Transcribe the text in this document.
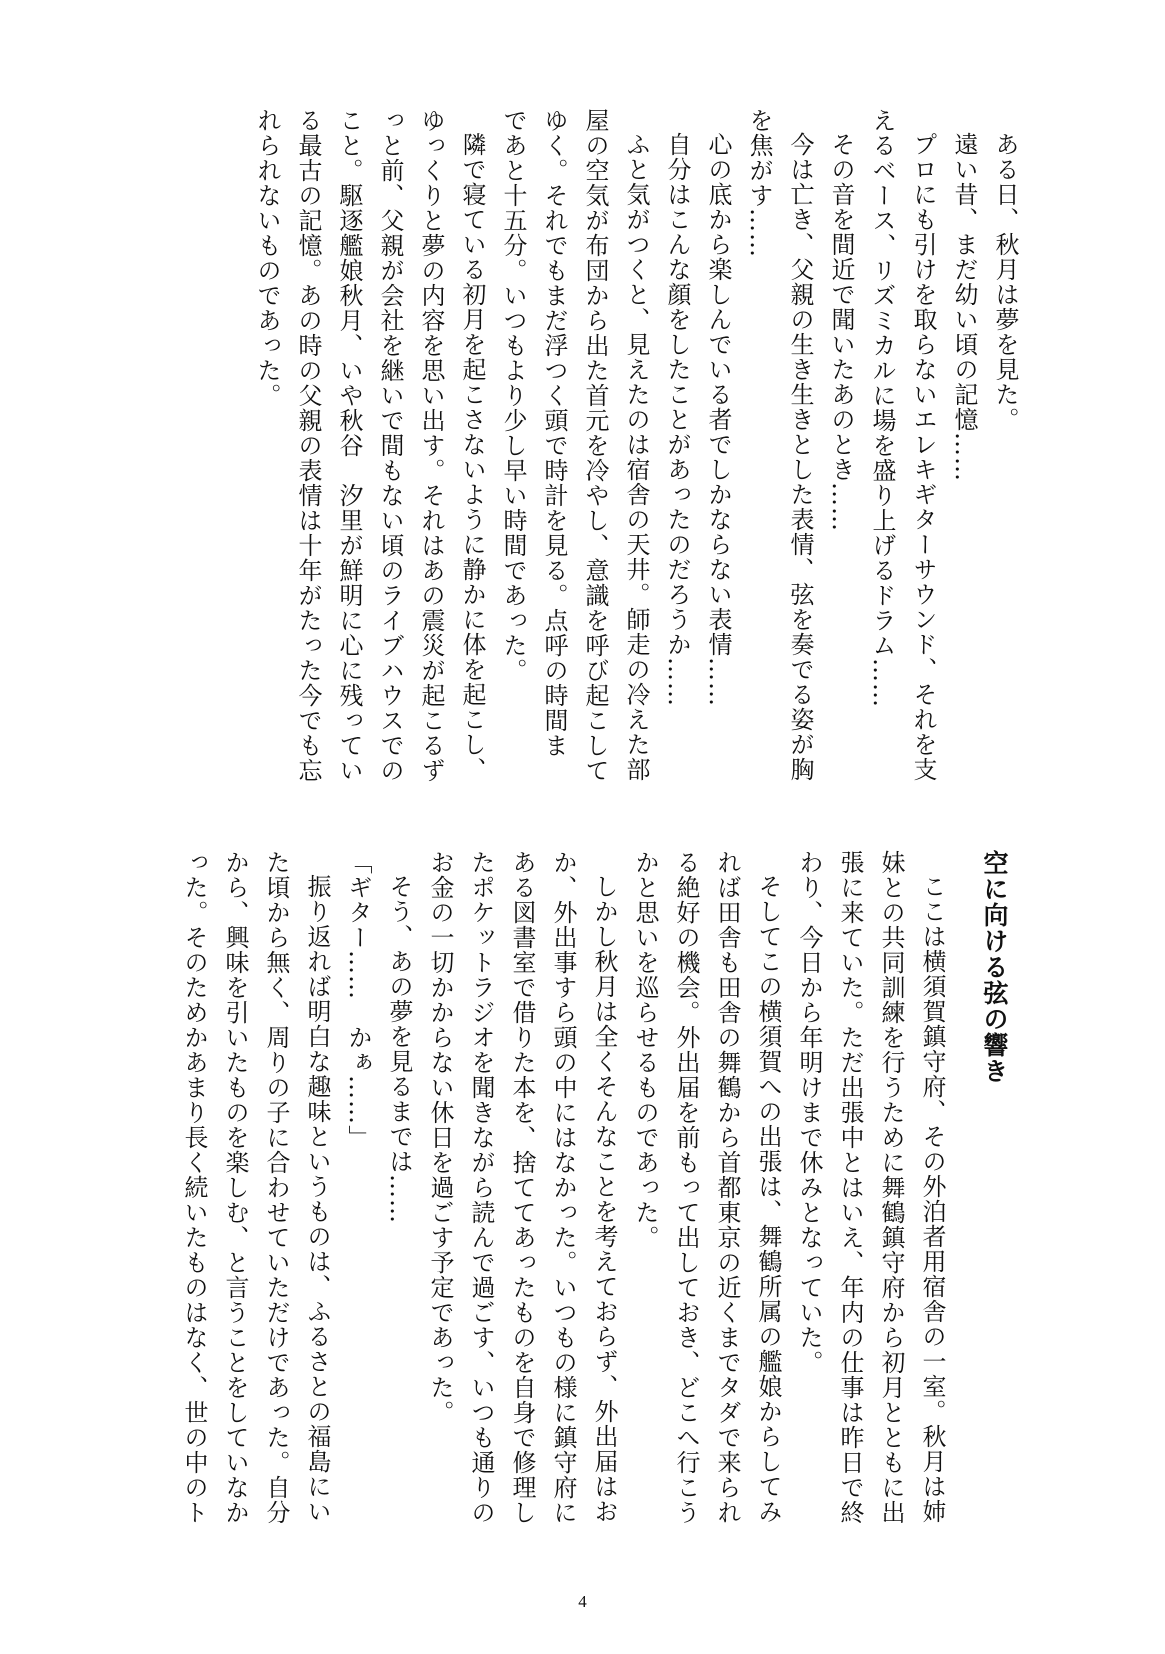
ある日、秋月は夢を見た。

遠い昔、まだ幼い頃の記憶……

プロにも引けを取らないエレキギターサウンド、それを支
えるベース、リズミカルに場を盛り上げるドラム……

その音を間近で聞いたあのとき……

今は亡き、父親の生き生きとした表情、弦を奏でる姿が胸
を焦がす……

心の底から楽しんでいる者でしかならない表情……

自分はこんな顔をしたことがあったのだろうか……

ふと気がつくと、見えたのは宿舎の天井。師走の冷えた部
屋の空気が布団から出た首元を冷やし、意識を呼び起こして
ゆく。それでもまだ浮つく頭で時計を見る。点呼の時間ま
であと十五分。いつもより少し早い時間であった。

隣で寝ている初月を起こさないように静かに体を起こし、
ゆっくりと夢の内容を思い出す。それはあの震災が起こるず
っと前、父親が会社を継いで間もない頃のライブハウスでの
こと。駆逐艦娘秋月、いや秋谷　汐里が鮮明に心に残ってい
る最古の記憶。あの時の父親の表情は十年がたった今でも忘
れられないものであった。

空に向ける弦の響き

ここは横須賀鎮守府、その外泊者用宿舎の一室。秋月は姉
妹との共同訓練を行うために舞鶴鎮守府から初月とともに出
張に来ていた。ただ出張中とはいえ、年内の仕事は昨日で終
わり、今日から年明けまで休みとなっていた。

そしてこの横須賀への出張は、舞鶴所属の艦娘からしてみ
れば田舎も田舎の舞鶴から首都東京の近くまでタダで来られ
る絶好の機会。外出届を前もって出しておき、どこへ行こう
かと思いを巡らせるものであった。

しかし秋月は全くそんなことを考えておらず、外出届はお
か、外出事すら頭の中にはなかった。いつもの様に鎮守府に
ある図書室で借りた本を、捨ててあったものを自身で修理し
たポケットラジオを聞きながら読んで過ごす、いつも通りの
お金の一切かからない休日を過ごす予定であった。

そう、あの夢を見るまでは……

「ギター……　かぁ……」

振り返れば明白な趣味というものは、ふるさとの福島にい
た頃から無く、周りの子に合わせていただけであった。自分
から、興味を引いたものを楽しむ、と言うことをしていなか
った。そのためかあまり長く続いたものはなく、世の中のト

4
